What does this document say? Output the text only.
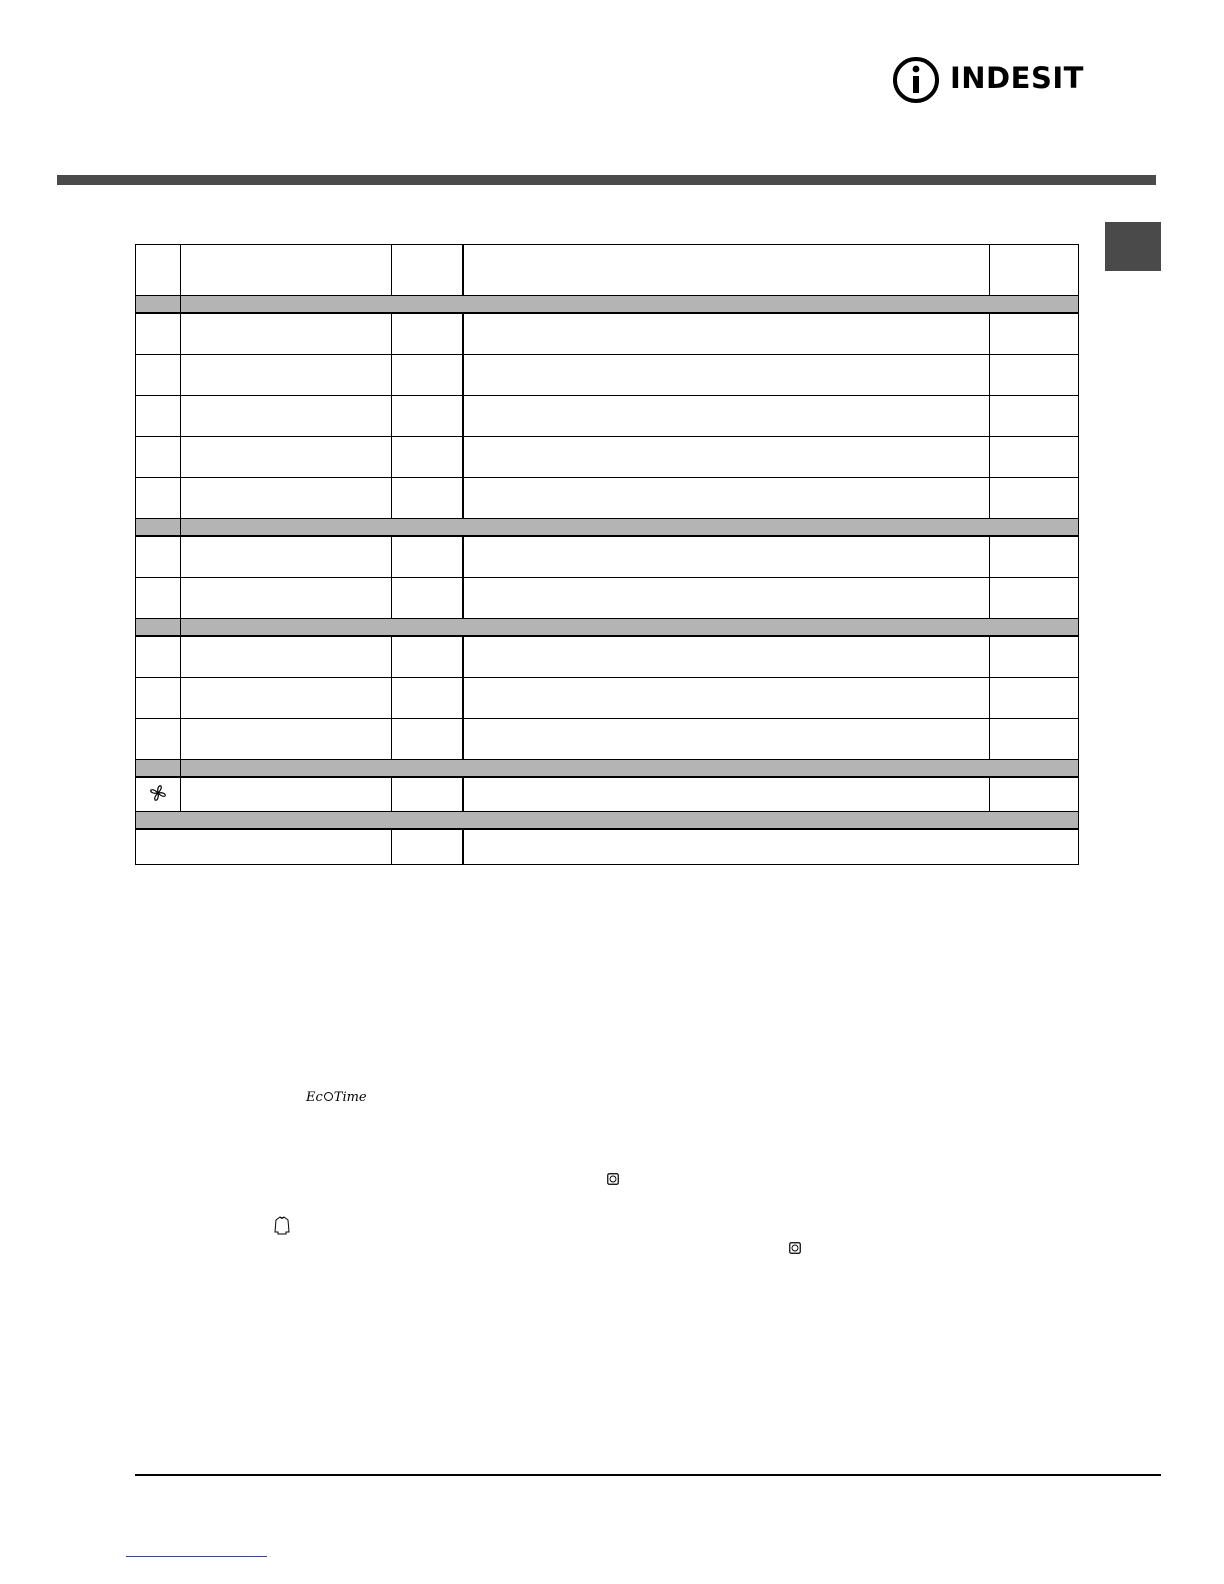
INDESIT

Ec Time
